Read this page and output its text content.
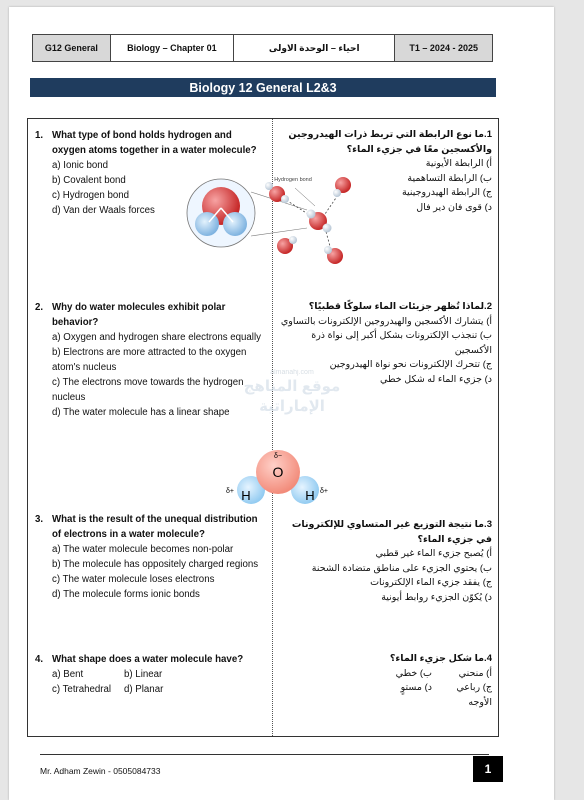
G12 General	Biology – Chapter 01	احياء – الوحدة الاولى	T1 – 2024 - 2025
Biology 12 General L2&3
1. What type of bond holds hydrogen and oxygen atoms together in a water molecule?
a) Ionic bond
b) Covalent bond
c) Hydrogen bond
d) Van der Waals forces
1.ما نوع الرابطة التي تربط ذرات الهيدروجين والأكسجين معًا في جزيء الماء؟
أ) الرابطة الأيونية
ب) الرابطة التساهمية
ج) الرابطة الهيدروجينية
د) قوى فان دير فال
2. Why do water molecules exhibit polar behavior?
a) Oxygen and hydrogen share electrons equally
b) Electrons are more attracted to the oxygen atom's nucleus
c) The electrons move towards the hydrogen nucleus
d) The water molecule has a linear shape
2.لماذا تُظهر جزيئات الماء سلوكًا قطبيًا؟
أ) يتشارك الأكسجين والهيدروجين الإلكترونات بالتساوي
ب) تنجذب الإلكترونات بشكل أكبر إلى نواة ذرة الأكسجين
ج) تتحرك الإلكترونات نحو نواة الهيدروجين
د) جزيء الماء له شكل خطي
3. What is the result of the unequal distribution of electrons in a water molecule?
a) The water molecule becomes non-polar
b) The molecule has oppositely charged regions
c) The water molecule loses electrons
d) The molecule forms ionic bonds
3.ما نتيجة التوزيع غير المتساوي للإلكترونات في جزيء الماء؟
أ) يُصبح جزيء الماء غير قطبي
ب) يحتوي الجزيء على مناطق متضادة الشحنة
ج) يفقد جزيء الماء الإلكترونات
د) يُكوّن الجزيء روابط أيونية
4. What shape does a water molecule have?
a) Bent	b) Linear
c) Tetrahedral	d) Planar
4.ما شكل جزيء الماء؟
أ) منحني
ب) خطي
ج) رباعي الأوجه
د) مستوٍ
Hydrogen bond
almanahj.com
موقع المناهج الإماراتية
δ−
O
H	H
δ+	δ+
Mr. Adham Zewin - 0505084733	1
